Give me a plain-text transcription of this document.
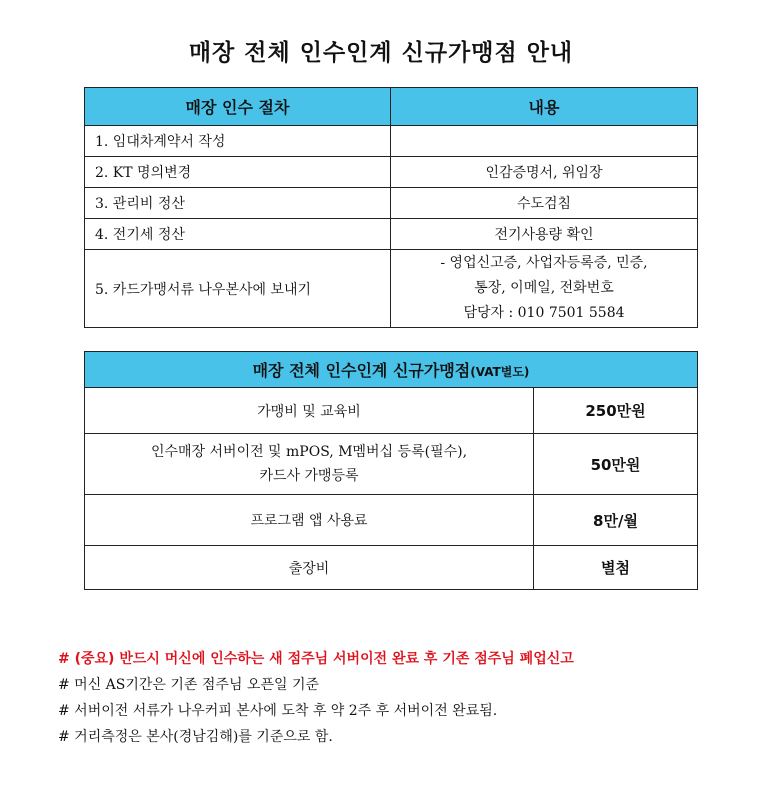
매장 전체 인수인계 신규가맹점 안내
매장 인수 절차	내용
1. 임대차계약서 작성	
2. KT 명의변경	인감증명서, 위임장
3. 관리비 정산	수도검침
4. 전기세 정산	전기사용량 확인
5. 카드가맹서류 나우본사에 보내기	- 영업신고증, 사업자등록증, 민증,
통장, 이메일, 전화번호
담당자 : 010 7501 5584
매장 전체 인수인계 신규가맹점(VAT별도)	
가맹비 및 교육비	250만원

인수매장 서버이전 및 mPOS, M멤버십 등록(필수),
카드사 가맹등록	50만원
프로그램 앱 사용료	8만/월
출장비	별첨
# (중요) 반드시 머신에 인수하는 새 점주님 서버이전 완료 후 기존 점주님 폐업신고
# 머신 AS기간은 기존 점주님 오픈일 기준
# 서버이전 서류가 나우커피 본사에 도착 후 약 2주 후 서버이전 완료됨.
# 거리측정은 본사(경남김해)를 기준으로 함.
